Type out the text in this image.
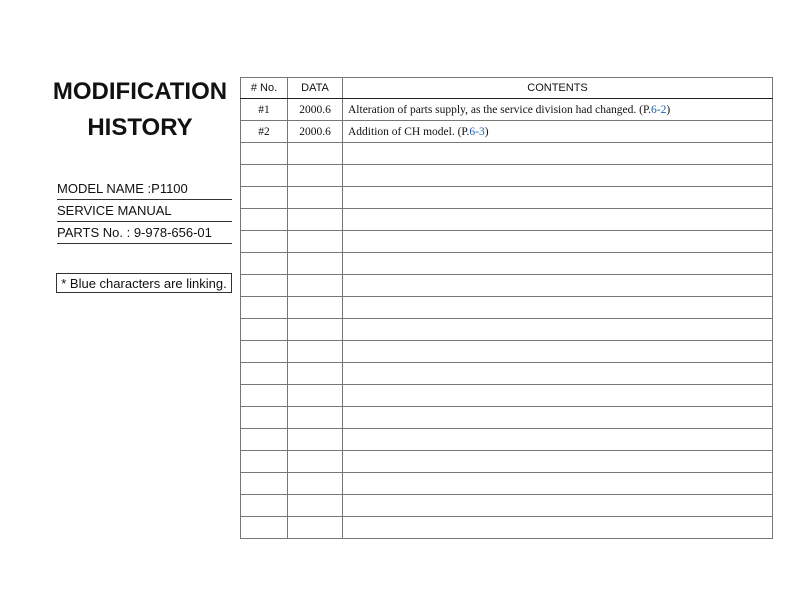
MODIFICATION
HISTORY
MODEL NAME :P1100
SERVICE MANUAL
PARTS No. : 9-978-656-01
* Blue characters are linking.
# No.	DATA	CONTENTS
#1	2000.6	Alteration of parts supply, as the service division had changed. (P.6-2)
#2	2000.6	Addition of CH model. (P.6-3)
